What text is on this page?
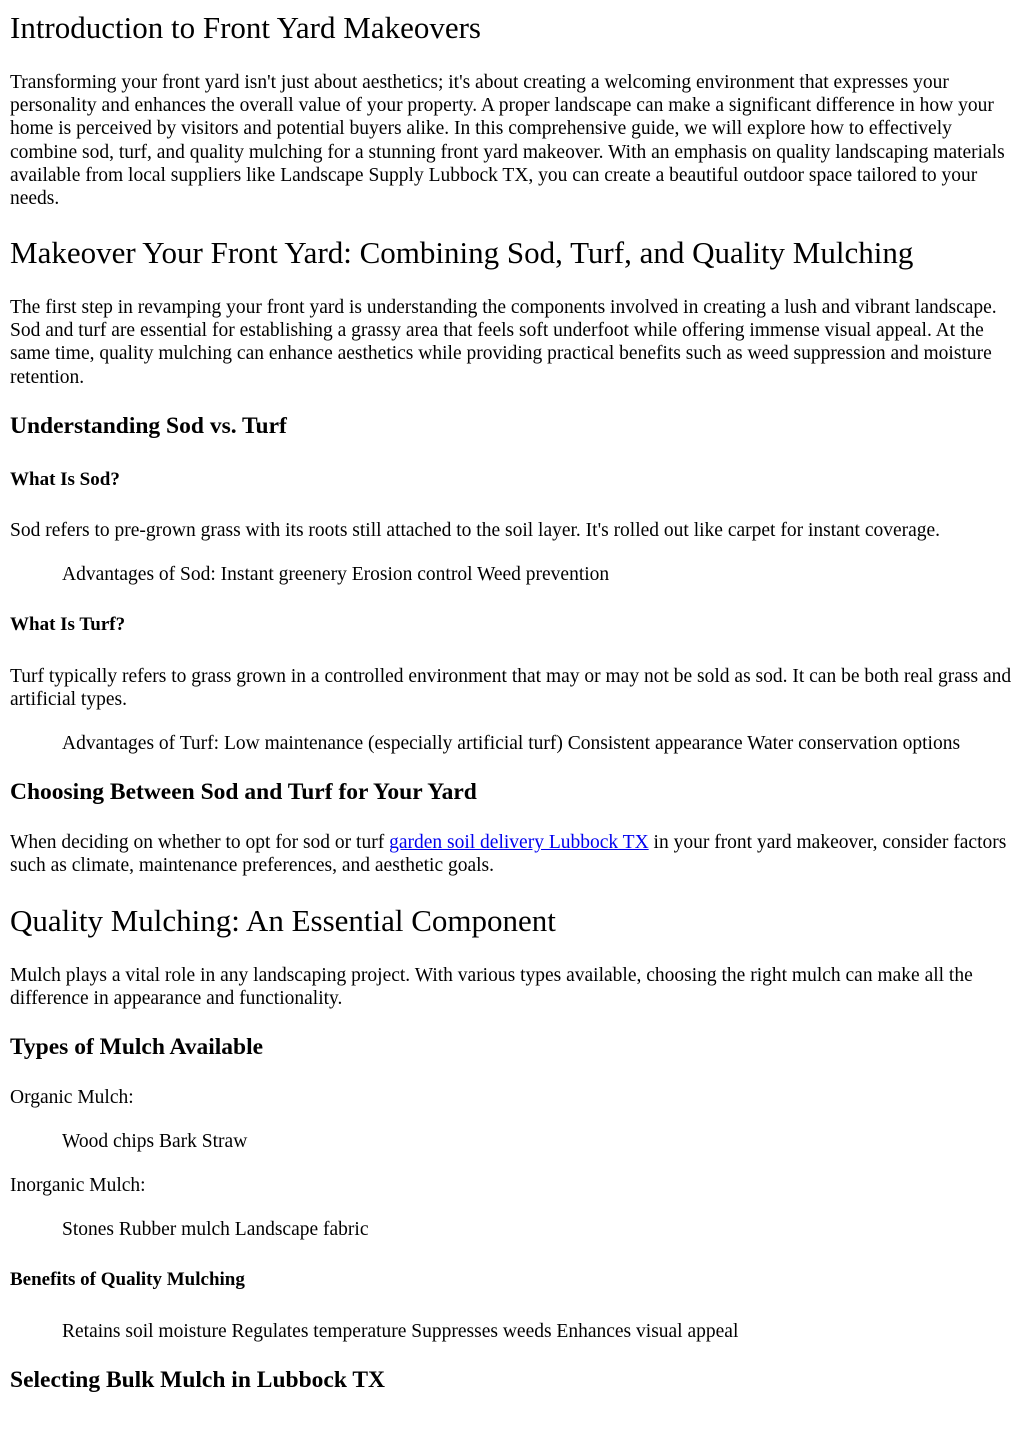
Introduction to Front Yard Makeovers

Transforming your front yard isn't just about aesthetics; it's about creating a welcoming environment that expresses your personality and enhances the overall value of your property. A proper landscape can make a significant difference in how your home is perceived by visitors and potential buyers alike. In this comprehensive guide, we will explore how to effectively combine sod, turf, and quality mulching for a stunning front yard makeover. With an emphasis on quality landscaping materials available from local suppliers like Landscape Supply Lubbock TX, you can create a beautiful outdoor space tailored to your needs.

Makeover Your Front Yard: Combining Sod, Turf, and Quality Mulching

The first step in revamping your front yard is understanding the components involved in creating a lush and vibrant landscape. Sod and turf are essential for establishing a grassy area that feels soft underfoot while offering immense visual appeal. At the same time, quality mulching can enhance aesthetics while providing practical benefits such as weed suppression and moisture retention.

Understanding Sod vs. Turf
What Is Sod?

Sod refers to pre-grown grass with its roots still attached to the soil layer. It's rolled out like carpet for instant coverage.

Advantages of Sod: Instant greenery Erosion control Weed prevention
What Is Turf?

Turf typically refers to grass grown in a controlled environment that may or may not be sold as sod. It can be both real grass and artificial types.

Advantages of Turf: Low maintenance (especially artificial turf) Consistent appearance Water conservation options
Choosing Between Sod and Turf for Your Yard

When deciding on whether to opt for sod or turf garden soil delivery Lubbock TX in your front yard makeover, consider factors such as climate, maintenance preferences, and aesthetic goals.

Quality Mulching: An Essential Component

Mulch plays a vital role in any landscaping project. With various types available, choosing the right mulch can make all the difference in appearance and functionality.

Types of Mulch Available

Organic Mulch:

Wood chips Bark Straw

Inorganic Mulch:

Stones Rubber mulch Landscape fabric
Benefits of Quality Mulching
Retains soil moisture Regulates temperature Suppresses weeds Enhances visual appeal
Selecting Bulk Mulch in Lubbock TX
